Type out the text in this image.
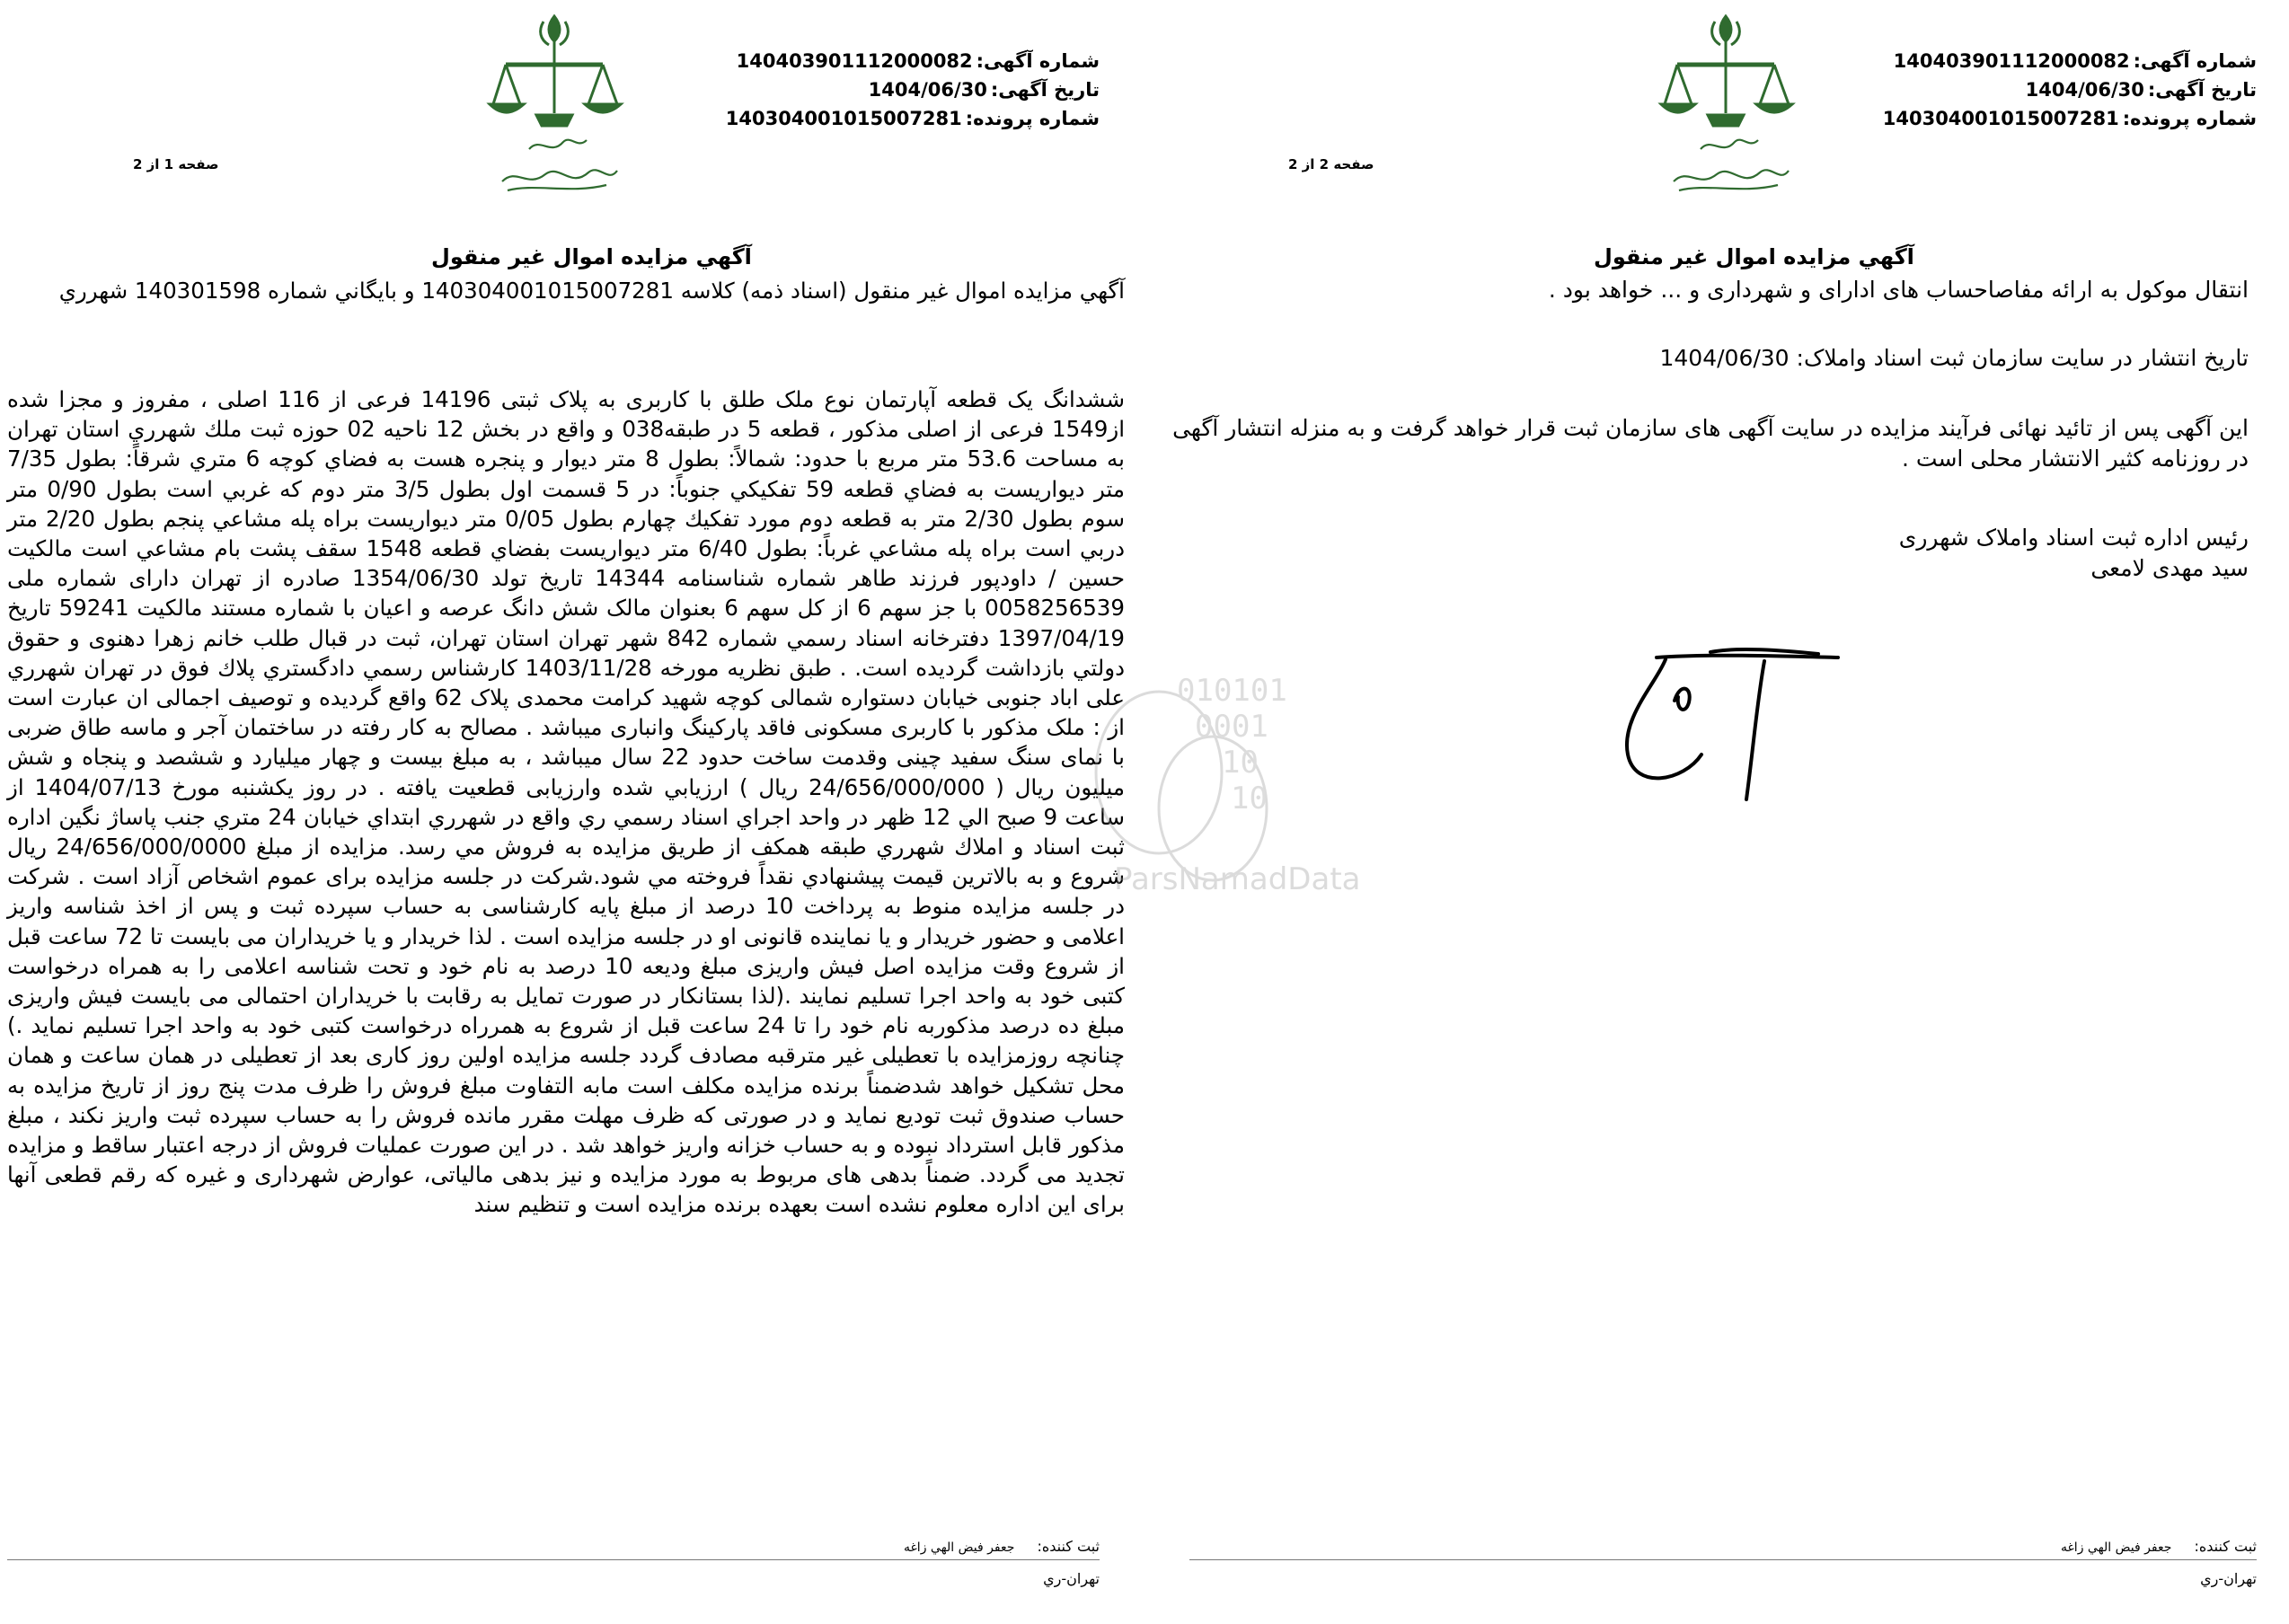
شماره آگهی:140403901112000082
تاریخ آگهی:1404/06/30
شماره پرونده:140304001015007281
صفحه 1 از 2
آگهي مزايده اموال غير منقول
آگهي مزايده اموال غير منقول (اسناد ذمه) كلاسه 14030400101500728‌1 و بايگاني شماره 140301598 شهرري
ششدانگ یک قطعه آپارتمان نوع ملک طلق با کاربری به پلاک ثبتی 14196 فرعی از 116 اصلی ، مفروز و مجزا شده از1549 فرعی از اصلی مذکور ، قطعه 5 در طبقه038 و واقع در بخش 12 ناحیه 02 حوزه ثبت ملك شهرري استان تهران به مساحت 53.6 متر مربع با حدود: شمالاً: بطول 8 متر ديوار و پنجره هست به فضاي كوچه 6 متري شرقاً: بطول 7/35 متر ديواريست به فضاي قطعه 59 تفكيكي جنوباً: در 5 قسمت اول بطول 3/5 متر دوم كه غربي است بطول 0/90 متر سوم بطول 2/30 متر به قطعه دوم مورد تفكيك چهارم بطول 0/05 متر ديواريست براه پله مشاعي پنجم بطول 2/20 متر دربي است براه پله مشاعي غرباً: بطول 6/40 متر ديواريست بفضاي قطعه 1548 سقف پشت بام مشاعي است مالكيت حسين / داودپور فرزند طاهر شماره شناسنامه 14344 تاريخ تولد 1354/06/30 صادره از تهران دارای شماره ملی 0058256539 با جز سهم 6 از کل سهم 6 بعنوان مالک شش دانگ عرصه و اعیان با شماره مستند مالكيت 59241 تاريخ 1397/04/19 دفترخانه اسناد رسمي شماره 842 شهر تهران استان تهران، ثبت در قبال طلب خانم زهرا دهنوی و حقوق دولتي بازداشت گرديده است. . طبق نظریه مورخه 1403/11/28 کارشناس رسمي دادگستري پلاك فوق در تهران شهرري علی اباد جنوبی خیابان دستواره شمالی کوچه شهید کرامت محمدی پلاک 62 واقع گردیده و توصیف اجمالی ان عبارت است از : ملک مذکور با کاربری مسکونی فاقد پارکینگ وانباری میباشد . مصالح به کار رفته در ساختمان آجر و ماسه طاق ضربی با نمای سنگ سفید چینی وقدمت ساخت حدود 22 سال میباشد ، به مبلغ بیست و چهار میلیارد و ششصد و پنجاه و شش میلیون ريال ( 24/656/000/000 ريال ) ارزيابي شده وارزیابی قطعیت یافته . در روز یکشنبه مورخ 1404/07/13 از ساعت 9 صبح الي 12 ظهر در واحد اجراي اسناد رسمي ري واقع در شهرري ابتداي خيابان 24 متري جنب پاساژ نگين اداره ثبت اسناد و املاك شهرري طبقه همكف از طريق مزايده به فروش مي رسد. مزايده از مبلغ 24/656/000/0000 ريال شروع و به بالاترين قيمت پيشنهادي نقداً فروخته مي شود.شرکت در جلسه مزایده برای عموم اشخاص آزاد است . شرکت در جلسه مزایده منوط به پرداخت 10 درصد از مبلغ پایه کارشناسی به حساب سپرده ثبت و پس از اخذ شناسه واریز اعلامی و حضور خریدار و یا نماینده قانونی او در جلسه مزایده است . لذا خریدار و یا خریداران می بایست تا 72 ساعت قبل از شروع وقت مزایده اصل فیش واریزی مبلغ ودیعه 10 درصد به نام خود و تحت شناسه اعلامی را به همراه درخواست کتبی خود به واحد اجرا تسلیم نمایند .(لذا بستانکار در صورت تمایل به رقابت با خریداران احتمالی می بایست فیش واریزی مبلغ ده درصد مذکوربه نام خود را تا 24 ساعت قبل از شروع به همرراه درخواست کتبی خود به واحد اجرا تسلیم نماید .) چنانچه روزمزایده با تعطیلی غیر مترقبه مصادف گردد جلسه مزایده اولین روز کاری بعد از تعطیلی در همان ساعت و همان محل تشکیل خواهد شدضمناً برنده مزایده مکلف است مابه التفاوت مبلغ فروش را ظرف مدت پنج روز از تاریخ مزایده به حساب صندوق ثبت تودیع نماید و در صورتی که ظرف مهلت مقرر مانده فروش را به حساب سپرده ثبت واریز نکند ، مبلغ مذکور قابل استرداد نبوده و به حساب خزانه واریز خواهد شد . در این صورت عملیات فروش از درجه اعتبار ساقط و مزایده تجدید می گردد. ضمناً بدهی های مربوط به مورد مزایده و نیز بدهی مالیاتی، عوارض شهرداری و غیره که رقم قطعی آنها برای این اداره معلوم نشده است بعهده برنده مزایده است و تنظیم سند
ثبت کننده: جعفر فيض الهي زاغه
تهران-ري
شماره آگهی:140403901112000082
تاریخ آگهی:1404/06/30
شماره پرونده:140304001015007281
صفحه 2 از 2
آگهي مزايده اموال غير منقول
انتقال موکول به ارائه مفاصاحساب های ادارای و شهرداری و ... خواهد بود .
تاریخ انتشار در سایت سازمان ثبت اسناد واملاک: 1404/06/30
این آگهی پس از تائید نهائی فرآیند مزایده در سایت آگهی های سازمان ثبت قرار خواهد گرفت و به منزله انتشار آگهی در روزنامه کثیر الانتشار محلی است .
رئیس اداره ثبت اسناد واملاک شهرری
سید مهدی لامعی
ثبت کننده: جعفر فيض الهي زاغه
تهران-ري
010101
0001
10
10
ParsNamadData
